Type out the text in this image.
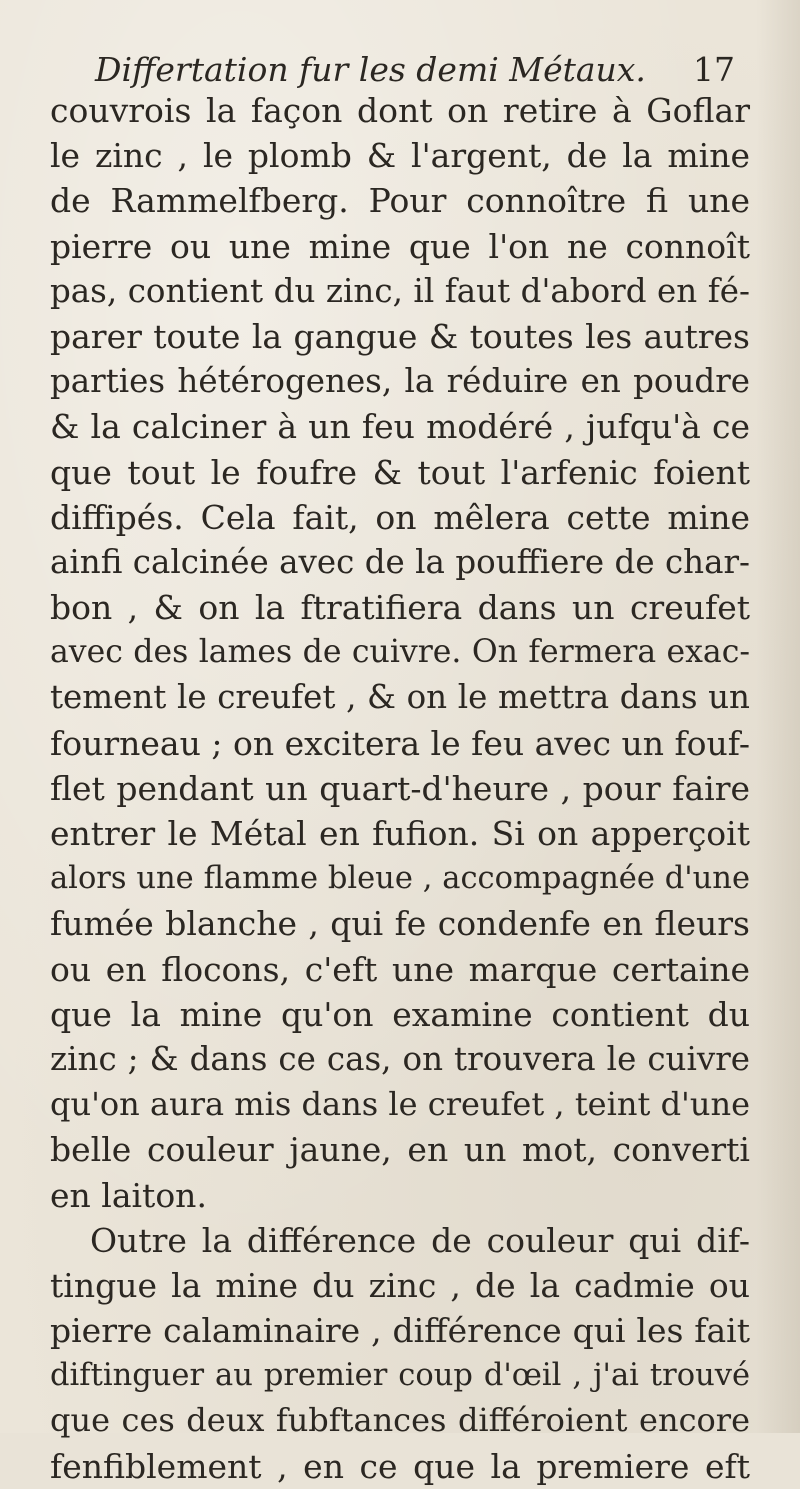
Differtation fur les demi Métaux. 17
couvrois la façon dont on retire à Goflar
le zinc , le plomb & l'argent, de la mine
de Rammelfberg. Pour connoître fi une
pierre ou une mine que l'on ne connoît
pas, contient du zinc, il faut d'abord en fé-
parer toute la gangue & toutes les autres
parties hétérogenes, la réduire en poudre
& la calciner à un feu modéré , jufqu'à ce
que tout le foufre & tout l'arfenic foient
diffipés. Cela fait, on mêlera cette mine
ainfi calcinée avec de la pouffiere de char-
bon , & on la ftratifiera dans un creufet
avec des lames de cuivre. On fermera exac-
tement le creufet , & on le mettra dans un
fourneau ; on excitera le feu avec un fouf-
flet pendant un quart-d'heure , pour faire
entrer le Métal en fufion. Si on apperçoit
alors une flamme bleue , accompagnée d'une
fumée blanche , qui fe condenfe en fleurs
ou en flocons, c'eft une marque certaine
que la mine qu'on examine contient du
zinc ; & dans ce cas, on trouvera le cuivre
qu'on aura mis dans le creufet , teint d'une
belle couleur jaune, en un mot, converti
en laiton.
Outre la différence de couleur qui dif-
tingue la mine du zinc , de la cadmie ou
pierre calaminaire , différence qui les fait
diftinguer au premier coup d'œil , j'ai trouvé
que ces deux fubftances différoient encore
fenfiblement , en ce que la premiere eft
